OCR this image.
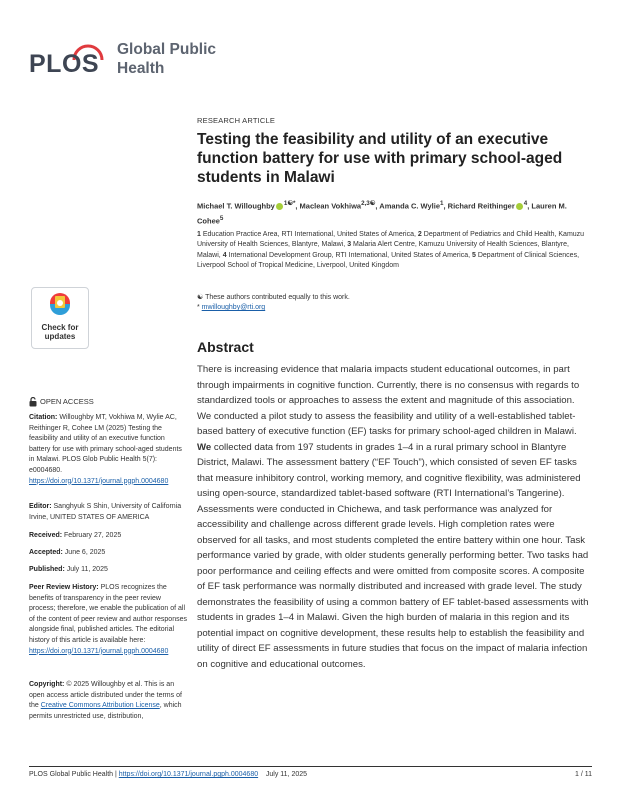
PLOS
Global Public
Health
Check for
updates
OPEN ACCESS
Citation: Willoughby MT, Vokhiwa M, Wylie AC, Reithinger R, Cohee LM (2025) Testing the feasibility and utility of an executive function battery for use with primary school-aged students in Malawi. PLOS Glob Public Health 5(7): e0004680. https://doi.org/10.1371/journal.pgph.0004680
Editor: Sanghyuk S Shin, University of California Irvine, UNITED STATES OF AMERICA
Received: February 27, 2025
Accepted: June 6, 2025
Published: July 11, 2025
Peer Review History: PLOS recognizes the benefits of transparency in the peer review process; therefore, we enable the publication of all of the content of peer review and author responses alongside final, published articles. The editorial history of this article is available here: https://doi.org/10.1371/journal.pgph.0004680
Copyright: © 2025 Willoughby et al. This is an open access article distributed under the terms of the Creative Commons Attribution License, which permits unrestricted use, distribution,
RESEARCH ARTICLE
Testing the feasibility and utility of an executive function battery for use with primary school-aged students in Malawi
Michael T. Willoughby $^{1☯*}$, Maclean Vokhiwa$^{2,3☯}$, Amanda C. Wylie$^1$, Richard Reithinger $^4$, Lauren M. Cohee$^5$
1 Education Practice Area, RTI International, United States of America, 2 Department of Pediatrics and Child Health, Kamuzu University of Health Sciences, Blantyre, Malawi, 3 Malaria Alert Centre, Kamuzu University of Health Sciences, Blantyre, Malawi, 4 International Development Group, RTI International, United States of America, 5 Department of Clinical Sciences, Liverpool School of Tropical Medicine, Liverpool, United Kingdom
☯ These authors contributed equally to this work.
* mwilloughby@rti.org
Abstract

There is increasing evidence that malaria impacts student educational outcomes, in part through impairments in cognitive function. Currently, there is no consensus with regards to standardized tools or approaches to assess the extent and magnitude of this association. We conducted a pilot study to assess the feasibility and utility of a well-established tablet-based battery of executive function (EF) tasks for primary school-aged children in Malawi. We collected data from 197 students in grades 1–4 in a rural primary school in Blantyre District, Malawi. The assessment battery (“EF Touch”), which consisted of seven EF tasks that measure inhibitory control, working memory, and cognitive flexibility, was administered using open-source, standardized tablet-based software (RTI International’s Tangerine). Assessments were conducted in Chichewa, and task performance was analyzed for accessibility and challenge across different grade levels. High completion rates were observed for all tasks, and most students completed the entire battery within one hour. Task performance varied by grade, with older students generally performing better. Two tasks had poor performance and ceiling effects and were omitted from composite scores. A composite of EF task performance was normally distributed and increased with grade level. The study demonstrates the feasibility of using a common battery of EF tablet-based assessments with students in grades 1–4 in Malawi. Given the high burden of malaria in this region and its potential impact on cognitive development, these results help to establish the feasibility and utility of direct EF assessments in future studies that focus on the impact of malaria infection on cognitive and educational outcomes.

PLOS Global Public Health | https://doi.org/10.1371/journal.pgph.0004680 July 11, 2025	1 / 11
